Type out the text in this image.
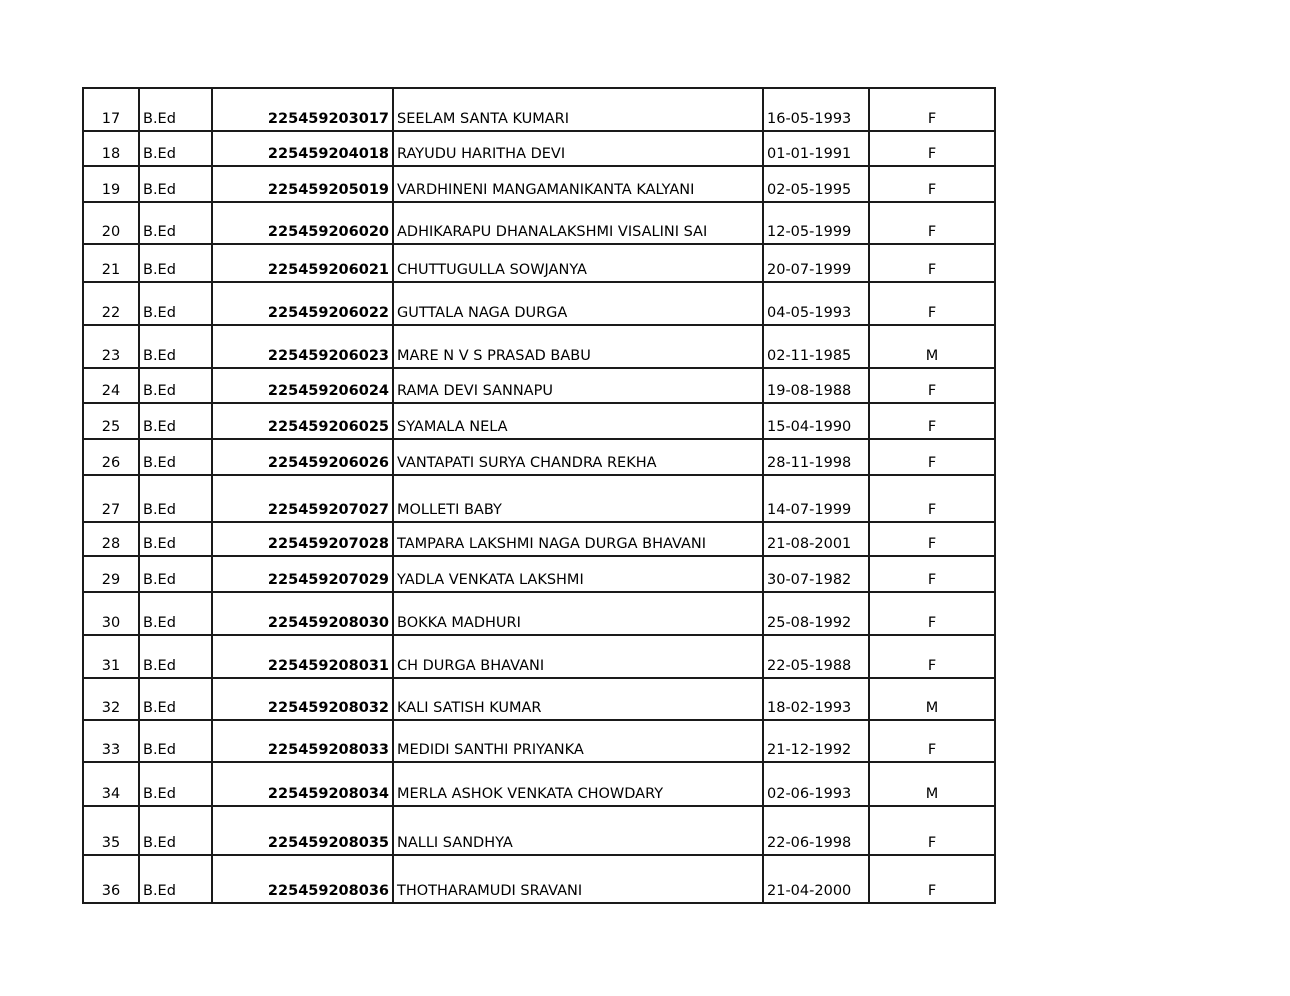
17	B.Ed	225459203017	SEELAM SANTA KUMARI	16-05-1993	F
18	B.Ed	225459204018	RAYUDU HARITHA DEVI	01-01-1991	F
19	B.Ed	225459205019	VARDHINENI MANGAMANIKANTA KALYANI	02-05-1995	F
20	B.Ed	225459206020	ADHIKARAPU DHANALAKSHMI VISALINI SAI	12-05-1999	F
21	B.Ed	225459206021	CHUTTUGULLA SOWJANYA	20-07-1999	F
22	B.Ed	225459206022	GUTTALA NAGA DURGA	04-05-1993	F
23	B.Ed	225459206023	MARE N V S PRASAD BABU	02-11-1985	M
24	B.Ed	225459206024	RAMA DEVI SANNAPU	19-08-1988	F
25	B.Ed	225459206025	SYAMALA NELA	15-04-1990	F
26	B.Ed	225459206026	VANTAPATI SURYA CHANDRA REKHA	28-11-1998	F
27	B.Ed	225459207027	MOLLETI BABY	14-07-1999	F
28	B.Ed	225459207028	TAMPARA LAKSHMI NAGA DURGA BHAVANI	21-08-2001	F
29	B.Ed	225459207029	YADLA VENKATA LAKSHMI	30-07-1982	F
30	B.Ed	225459208030	BOKKA MADHURI	25-08-1992	F
31	B.Ed	225459208031	CH DURGA BHAVANI	22-05-1988	F
32	B.Ed	225459208032	KALI SATISH KUMAR	18-02-1993	M
33	B.Ed	225459208033	MEDIDI SANTHI PRIYANKA	21-12-1992	F
34	B.Ed	225459208034	MERLA ASHOK VENKATA CHOWDARY	02-06-1993	M
35	B.Ed	225459208035	NALLI SANDHYA	22-06-1998	F
36	B.Ed	225459208036	THOTHARAMUDI SRAVANI	21-04-2000	F
